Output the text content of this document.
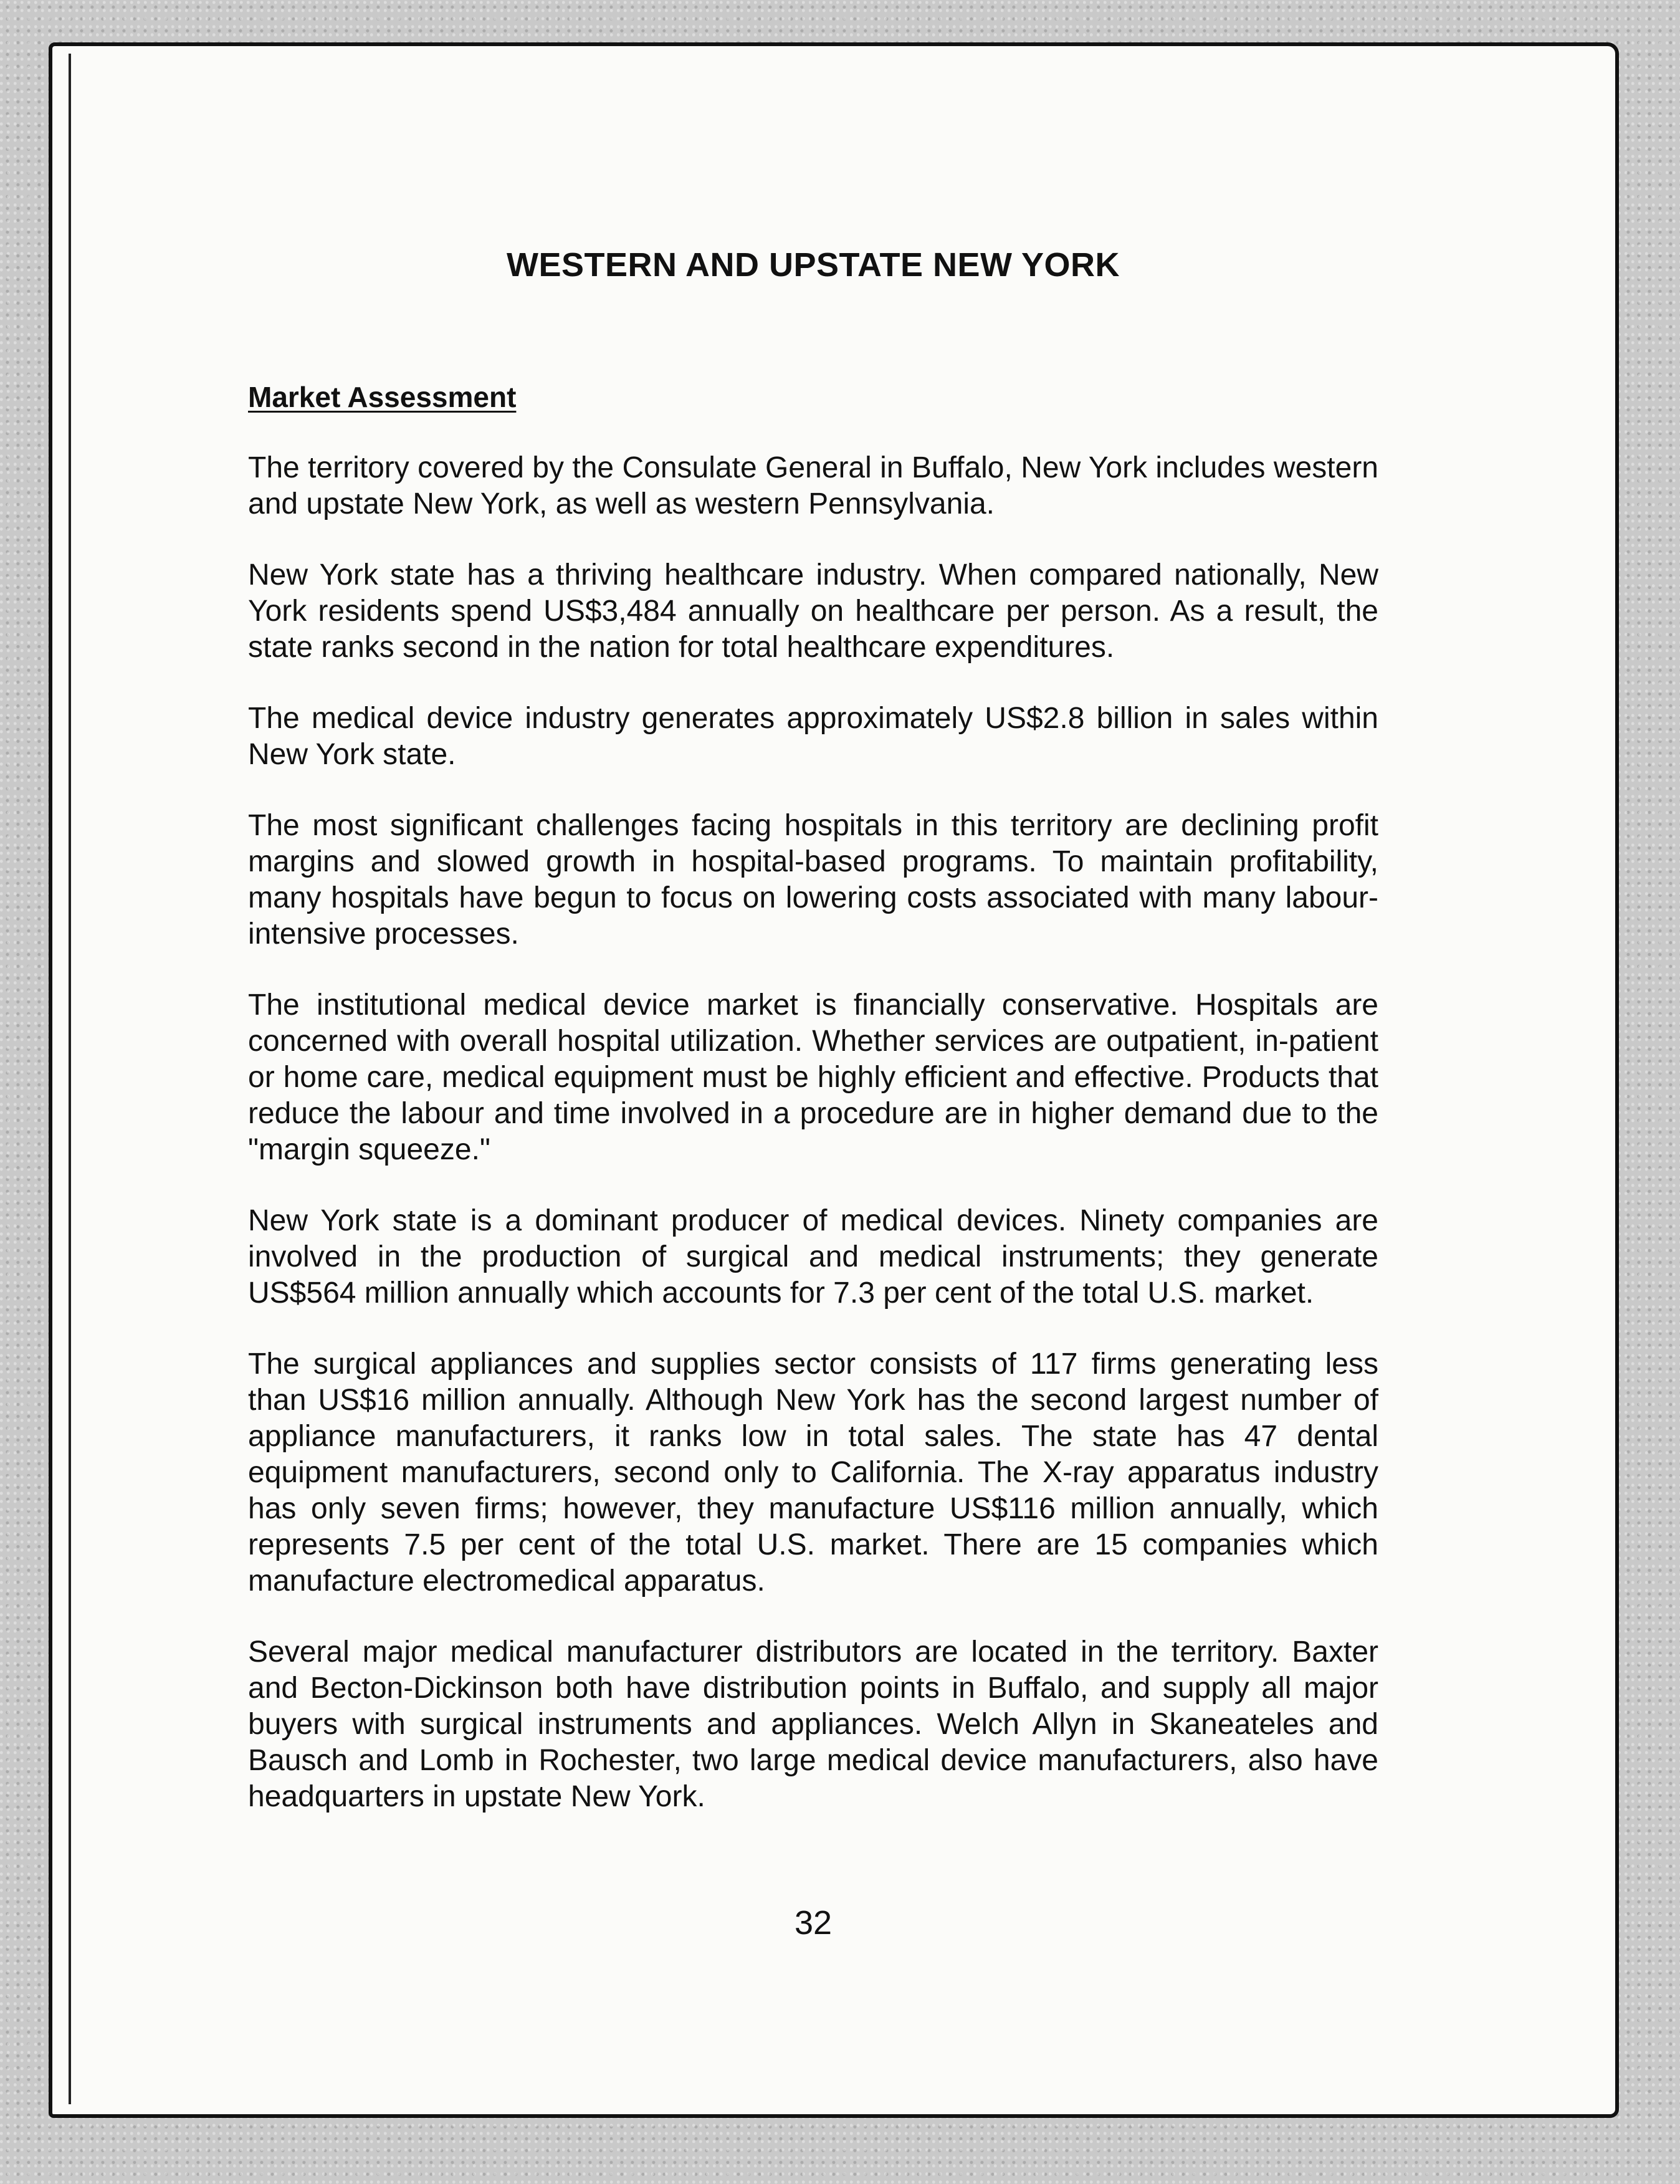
WESTERN AND UPSTATE NEW YORK
Market Assessment

The territory covered by the Consulate General in Buffalo, New York includes western and upstate New York, as well as western Pennsylvania.

New York state has a thriving healthcare industry. When compared nationally, New York residents spend US$3,484 annually on healthcare per person. As a result, the state ranks second in the nation for total healthcare expenditures.

The medical device industry generates approximately US$2.8 billion in sales within New York state.

The most significant challenges facing hospitals in this territory are declining profit margins and slowed growth in hospital-based programs. To maintain profitability, many hospitals have begun to focus on lowering costs associated with many labour-intensive processes.

The institutional medical device market is financially conservative. Hospitals are concerned with overall hospital utilization. Whether services are outpatient, in-patient or home care, medical equipment must be highly efficient and effective. Products that reduce the labour and time involved in a procedure are in higher demand due to the "margin squeeze."

New York state is a dominant producer of medical devices. Ninety companies are involved in the production of surgical and medical instruments; they generate US$564 million annually which accounts for 7.3 per cent of the total U.S. market.

The surgical appliances and supplies sector consists of 117 firms generating less than US$16 million annually. Although New York has the second largest number of appliance manufacturers, it ranks low in total sales. The state has 47 dental equipment manufacturers, second only to California. The X-ray apparatus industry has only seven firms; however, they manufacture US$116 million annually, which represents 7.5 per cent of the total U.S. market. There are 15 companies which manufacture electromedical apparatus.

Several major medical manufacturer distributors are located in the territory. Baxter and Becton-Dickinson both have distribution points in Buffalo, and supply all major buyers with surgical instruments and appliances. Welch Allyn in Skaneateles and Bausch and Lomb in Rochester, two large medical device manufacturers, also have headquarters in upstate New York.

32
